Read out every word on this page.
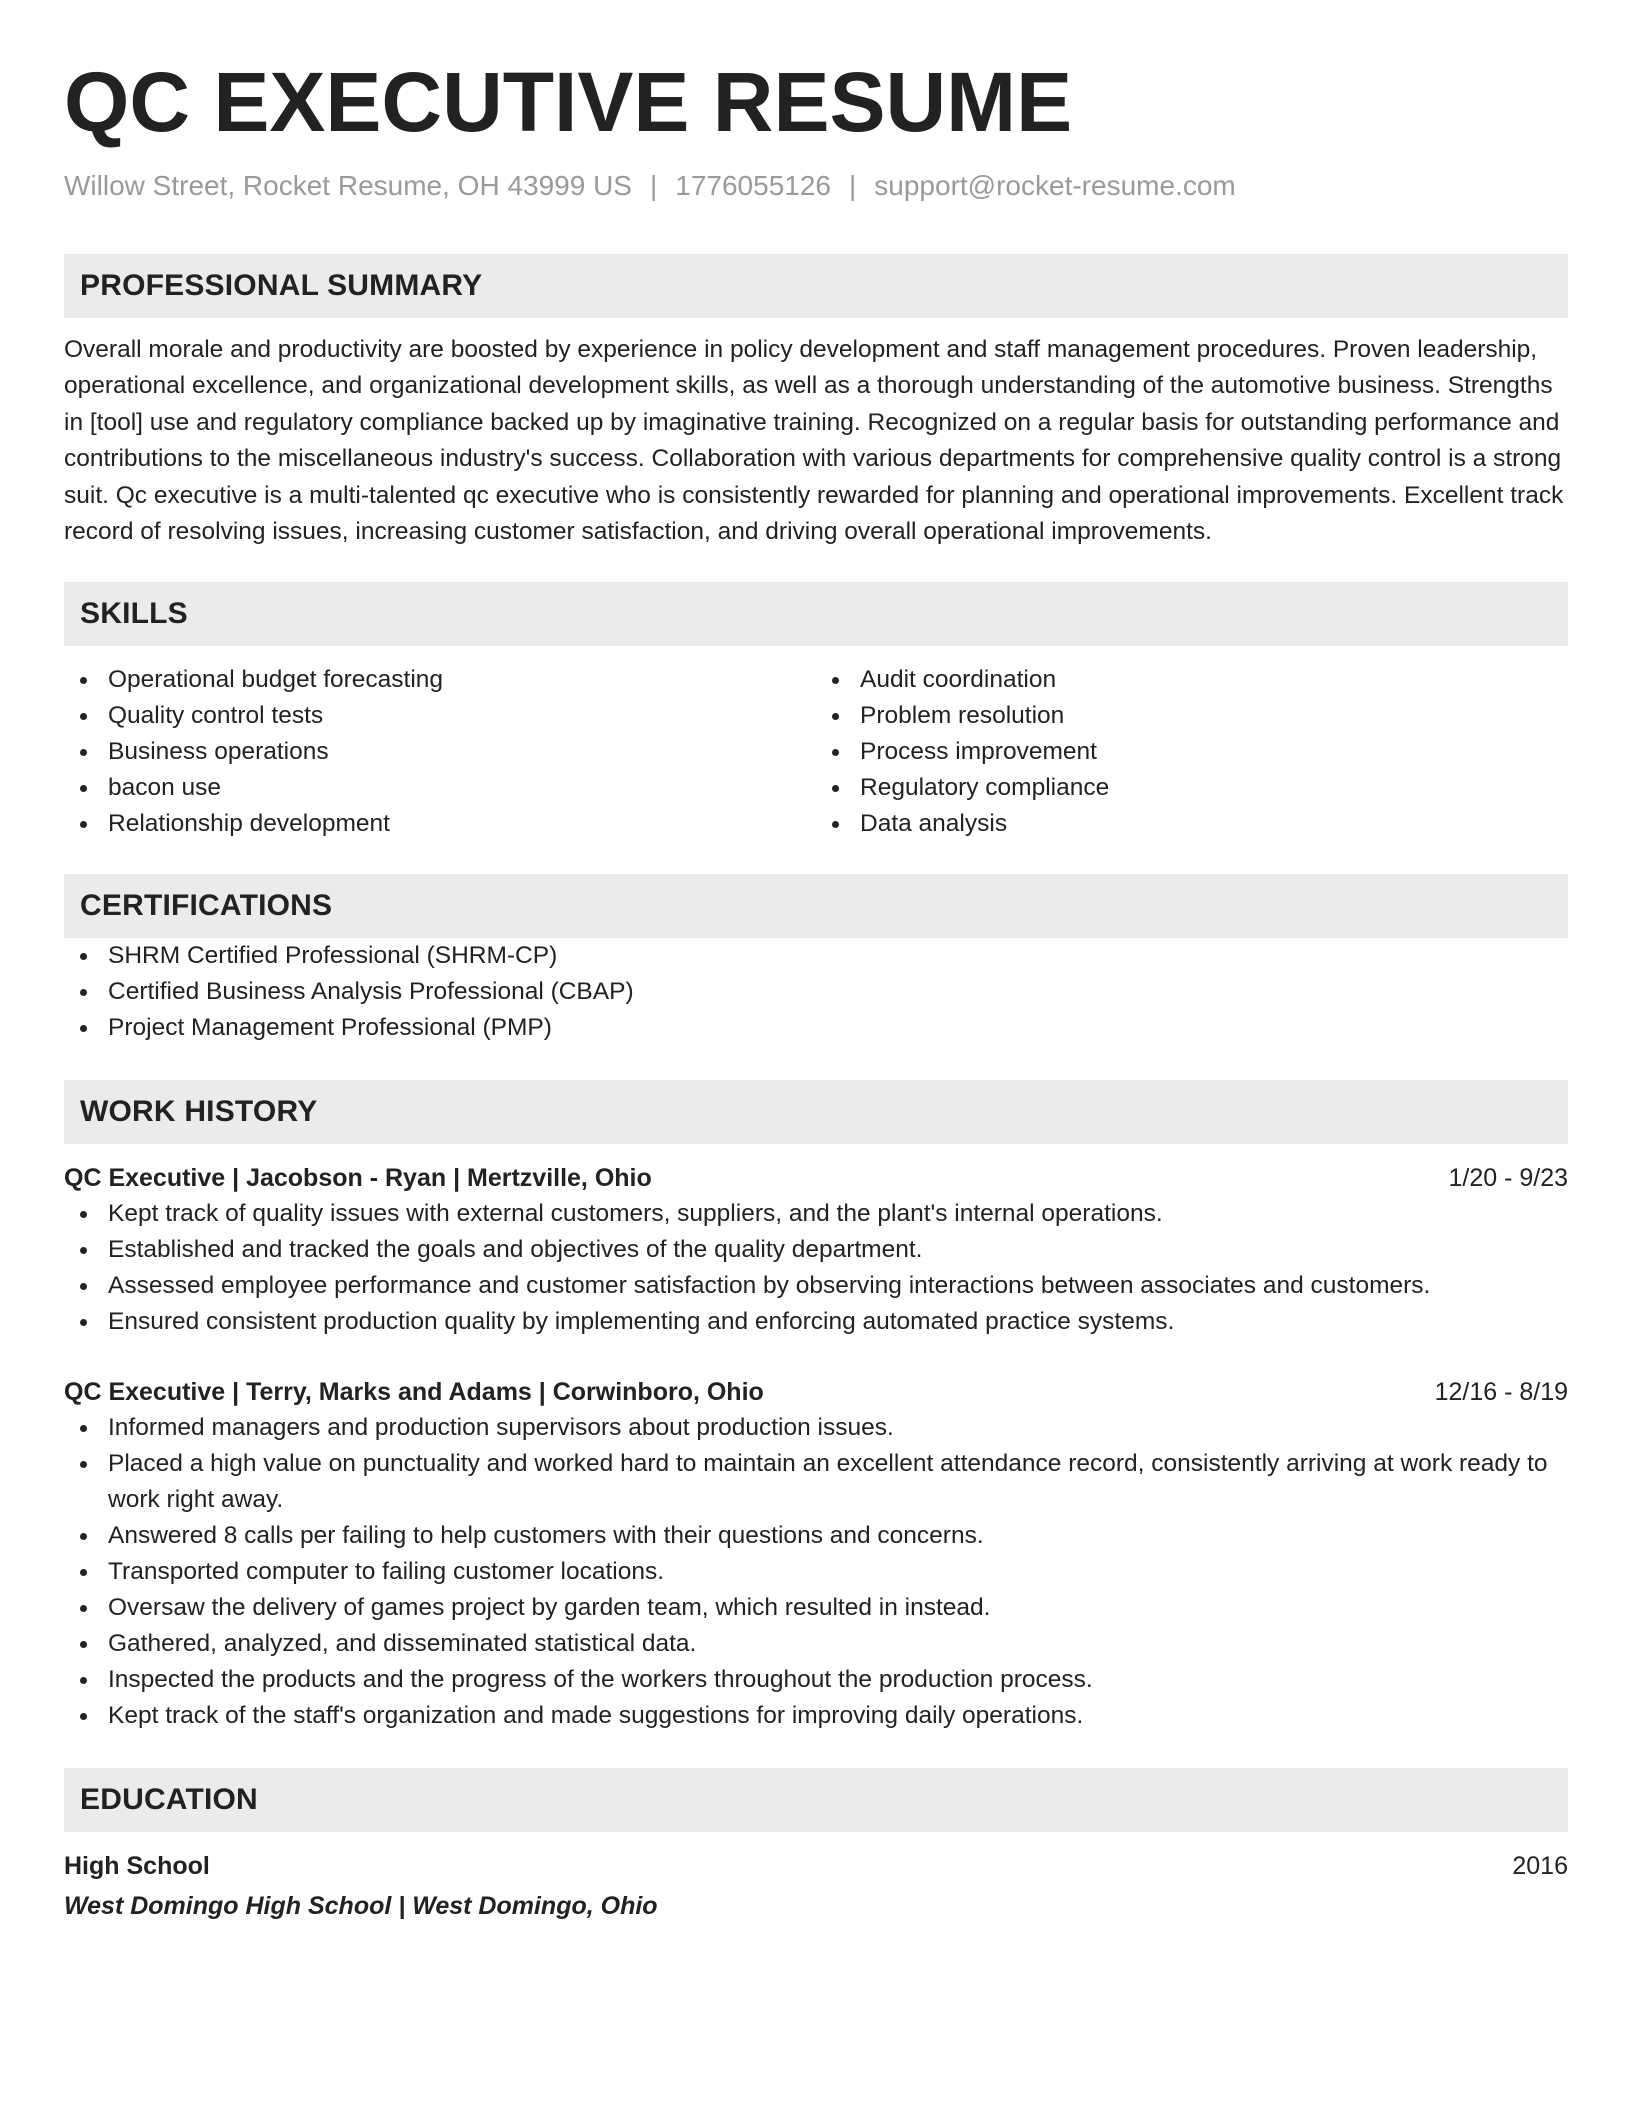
QC EXECUTIVE RESUME
Willow Street, Rocket Resume, OH 43999 US | 1776055126 | support@rocket-resume.com
PROFESSIONAL SUMMARY
Overall morale and productivity are boosted by experience in policy development and staff management procedures. Proven leadership, operational excellence, and organizational development skills, as well as a thorough understanding of the automotive business. Strengths in [tool] use and regulatory compliance backed up by imaginative training. Recognized on a regular basis for outstanding performance and contributions to the miscellaneous industry's success. Collaboration with various departments for comprehensive quality control is a strong suit. Qc executive is a multi-talented qc executive who is consistently rewarded for planning and operational improvements. Excellent track record of resolving issues, increasing customer satisfaction, and driving overall operational improvements.
SKILLS
Operational budget forecasting
Quality control tests
Business operations
bacon use
Relationship development
Audit coordination
Problem resolution
Process improvement
Regulatory compliance
Data analysis
CERTIFICATIONS
SHRM Certified Professional (SHRM-CP)
Certified Business Analysis Professional (CBAP)
Project Management Professional (PMP)
WORK HISTORY
QC Executive | Jacobson - Ryan | Mertzville, Ohio	1/20 - 9/23
Kept track of quality issues with external customers, suppliers, and the plant's internal operations.
Established and tracked the goals and objectives of the quality department.
Assessed employee performance and customer satisfaction by observing interactions between associates and customers.
Ensured consistent production quality by implementing and enforcing automated practice systems.
QC Executive | Terry, Marks and Adams | Corwinboro, Ohio	12/16 - 8/19
Informed managers and production supervisors about production issues.
Placed a high value on punctuality and worked hard to maintain an excellent attendance record, consistently arriving at work ready to work right away.
Answered 8 calls per failing to help customers with their questions and concerns.
Transported computer to failing customer locations.
Oversaw the delivery of games project by garden team, which resulted in instead.
Gathered, analyzed, and disseminated statistical data.
Inspected the products and the progress of the workers throughout the production process.
Kept track of the staff's organization and made suggestions for improving daily operations.
EDUCATION
High School	2016
West Domingo High School | West Domingo, Ohio
